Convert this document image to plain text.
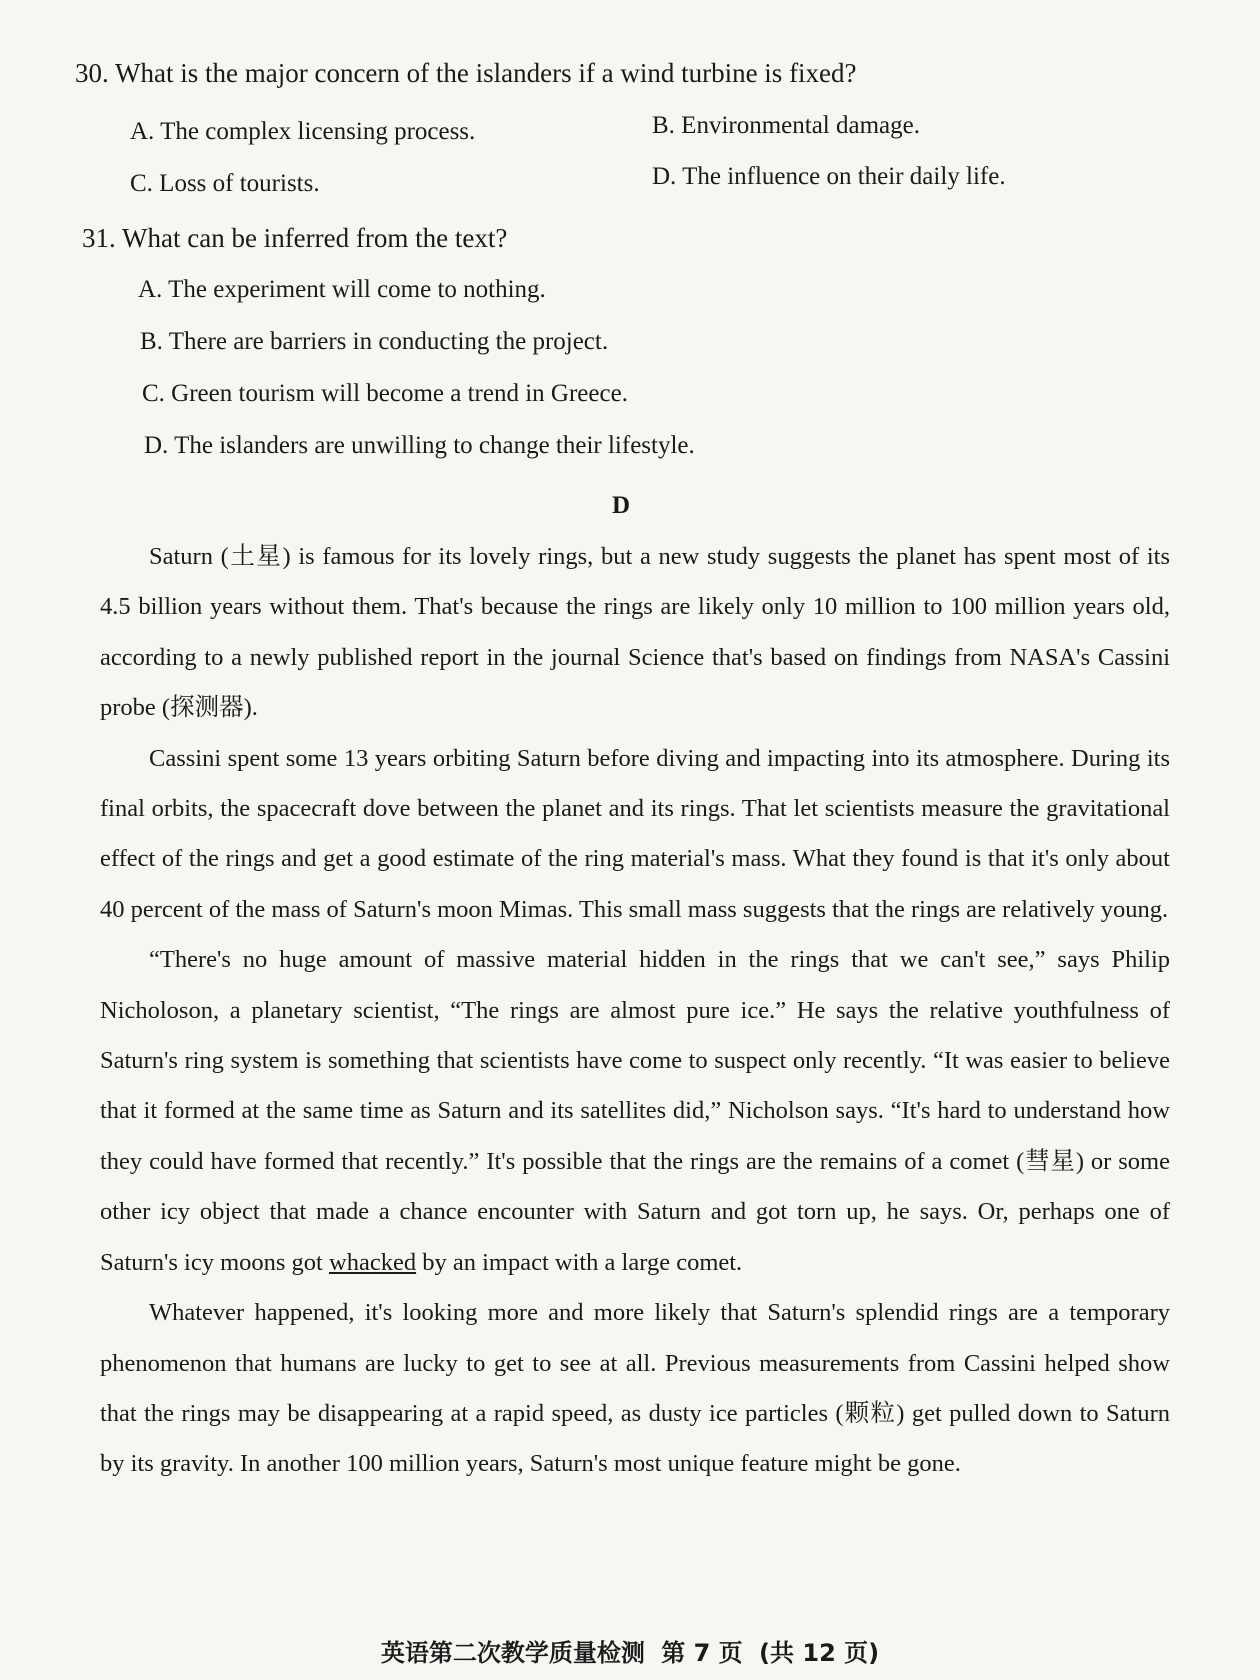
30. What is the major concern of the islanders if a wind turbine is fixed?
A. The complex licensing process.	B. Environmental damage.
C. Loss of tourists.	D. The influence on their daily life.
31. What can be inferred from the text?
A. The experiment will come to nothing.
B. There are barriers in conducting the project.
C. Green tourism will become a trend in Greece.
D. The islanders are unwilling to change their lifestyle.
D

Saturn (土星) is famous for its lovely rings, but a new study suggests the planet has spent most of its 4.5 billion years without them. That's because the rings are likely only 10 million to 100 million years old, according to a newly published report in the journal Science that's based on findings from NASA's Cassini probe (探测器).

Cassini spent some 13 years orbiting Saturn before diving and impacting into its atmosphere. During its final orbits, the spacecraft dove between the planet and its rings. That let scientists measure the gravitational effect of the rings and get a good estimate of the ring material's mass. What they found is that it's only about 40 percent of the mass of Saturn's moon Mimas. This small mass suggests that the rings are relatively young.

“There's no huge amount of massive material hidden in the rings that we can't see,” says Philip Nicholoson, a planetary scientist, “The rings are almost pure ice.” He says the relative youthfulness of Saturn's ring system is something that scientists have come to suspect only recently. “It was easier to believe that it formed at the same time as Saturn and its satellites did,” Nicholson says. “It's hard to understand how they could have formed that recently.” It's possible that the rings are the remains of a comet (彗星) or some other icy object that made a chance encounter with Saturn and got torn up, he says. Or, perhaps one of Saturn's icy moons got whacked by an impact with a large comet.

Whatever happened, it's looking more and more likely that Saturn's splendid rings are a temporary phenomenon that humans are lucky to get to see at all. Previous measurements from Cassini helped show that the rings may be disappearing at a rapid speed, as dusty ice particles (颗粒) get pulled down to Saturn by its gravity. In another 100 million years, Saturn's most unique feature might be gone.

英语第二次教学质量检测 第 7 页 (共 12 页)
